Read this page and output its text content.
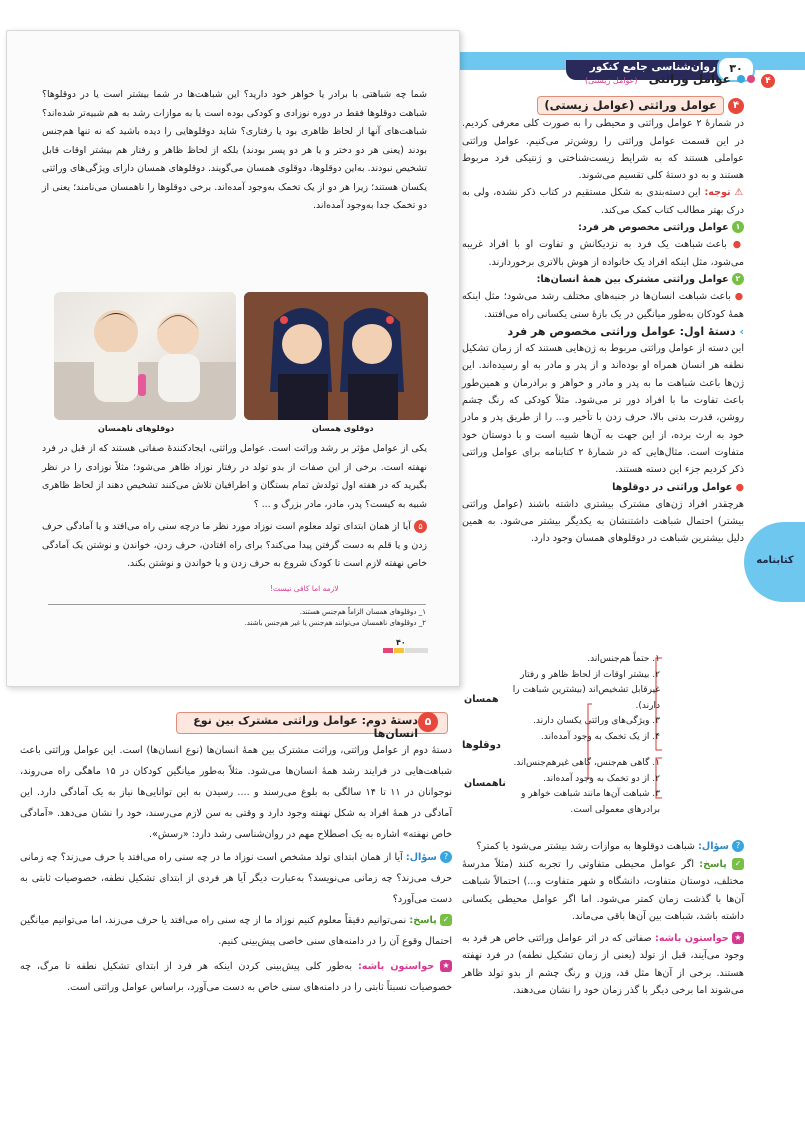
روان‌شناسی جامع کنکور	۳۰
۴  عوامل وراثتی (عوامل زیستی)
شما چه شباهتی با برادر یا خواهر خود دارید؟ این شباهت‌ها در شما بیشتر است یا در دوقلوها؟ شباهت دوقلوها فقط در دوره نوزادی و کودکی بوده است یا به موازات رشد به هم شبیه‌تر شده‌اند؟ شباهت‌های آنها از لحاظ ظاهری بود یا رفتاری؟ شاید دوقلوهایی را دیده باشید که نه تنها هم‌جنس بودند (یعنی هر دو دختر و یا هر دو پسر بودند) بلکه از لحاظ ظاهر و رفتار هم بیشتر اوقات قابل تشخیص نبودند. به‌این دوقلوها، دوقلوی همسان می‌گویند. دوقلوهای همسان دارای ویژگی‌های وراثتی یکسان هستند؛ زیرا هر دو از یک تخمک به‌وجود آمده‌اند. برخی دوقلوها را ناهمسان می‌نامند؛ یعنی از دو تخمک جدا به‌وجود آمده‌اند.
دوقلوهای ناهمسان	دوقلوی همسان
یکی از عوامل مؤثر بر رشد وراثت است. عوامل وراثتی، ایجادکنندهٔ صفاتی هستند که از قبل در فرد نهفته است. برخی از این صفات از بدو تولد در رفتار نوزاد ظاهر می‌شود؛ مثلاً نوزادی را در نظر بگیرید که در هفته اول تولدش تمام بستگان و اطرافیان تلاش می‌کنند تشخیص دهند از لحاظ ظاهری شبیه به کیست؟ پدر، مادر، مادر بزرگ و ... ؟
۵ آیا از همان ابتدای تولد معلوم است نوزاد مورد نظر ما درچه سنی راه می‌افتد و یا آمادگی حرف زدن و یا قلم به دست گرفتن پیدا می‌کند؟ برای راه افتادن، حرف زدن، خواندن و نوشتن یک آمادگی خاص نهفته لازم است تا کودک شروع به حرف زدن و یا خواندن و نوشتن بکند.
لازمه اما کافی نیست!
۱_ دوقلوهای همسان الزاماً هم‌جنس هستند.
۲_ دوقلوهای ناهمسان می‌توانند هم‌جنس یا غیر هم‌جنس باشند.
۴۰
۴
عوامل وراثتی (عوامل زیستی)
در شمارهٔ ۲ عوامل وراثتی و محیطی را به صورت کلی معرفی کردیم. در این قسمت عوامل وراثتی را روشن‌تر می‌کنیم. عوامل وراثتی عواملی هستند که به شرایط زیست‌شناختی و ژنتیکی فرد مربوط هستند و به دو دستهٔ کلی تقسیم می‌شوند.
⚠ توجه: این دسته‌بندی به شکل مستقیم در کتاب ذکر نشده، ولی به درک بهتر مطالب کتاب کمک می‌کند.
۱ عوامل وراثتی مخصوص هر فرد:
● باعث شباهت یک فرد به نزدیکانش و تفاوت او با افراد غریبه می‌شود، مثل اینکه افراد یک خانواده از هوش بالاتری برخوردارند.
۲ عوامل وراثتی مشترک بین همهٔ انسان‌ها:
● باعث شباهت انسان‌ها در جنبه‌های مختلف رشد می‌شود؛ مثل اینکه همهٔ کودکان به‌طور میانگین در یک بازهٔ سنی یکسانی راه می‌افتند.
› دستهٔ اول: عوامل وراثتی مخصوص هر فرد
این دسته از عوامل وراثتی مربوط به ژن‌هایی هستند که از زمان تشکیل نطفه هر انسان همراه او بوده‌اند و از پدر و مادر به او رسیده‌اند. این ژن‌ها باعث شباهت ما به پدر و مادر و خواهر و برادرمان و همین‌طور باعث تفاوت ما با افراد دور تر می‌شود. مثلاً کودکی که رنگ چشم روشن، قدرت بدنی بالا، حرف زدن با تأخیر و... را از طریق پدر و مادر خود به ارث برده، از این جهت به آن‌ها شبیه است و با دوستان خود متفاوت است. مثال‌هایی که در شمارهٔ ۲ کتابنامه برای عوامل وراثتی ذکر کردیم جزء این دسته هستند.
● عوامل وراثتی در دوقلوها
هرچقدر افراد ژن‌های مشترک بیشتری داشته باشند (عوامل وراثتی بیشتر) احتمال شباهت داشتنشان به یکدیگر بیشتر می‌شود. به همین دلیل بیشترین شباهت در دوقلوهای همسان وجود دارد.
۱. حتماً هم‌جنس‌اند.
۲. بیشتر اوقات از لحاظ ظاهر و رفتار غیرقابل تشخیص‌اند (بیشترین شباهت را دارند).
۳. ویژگی‌های وراثتی یکسان دارند.
۴. از یک تخمک به وجود آمده‌اند.
۱. گاهی هم‌جنس، گاهی غیرهم‌جنس‌اند.
۲. از دو تخمک به وجود آمده‌اند.
۳. شباهت آن‌ها مانند شباهت خواهر و برادرهای معمولی است.
همسان
ناهمسان
دوقلوها
? سؤال: شباهت دوقلوها به موازات رشد بیشتر می‌شود یا کمتر؟
✓ پاسخ: اگر عوامل محیطی متفاوتی را تجربه کنند (مثلاً مدرسهٔ مختلف، دوستان متفاوت، دانشگاه و شهر متفاوت و...) احتمالاً شباهت آن‌ها با گذشت زمان کمتر می‌شود. اما اگر عوامل محیطی یکسانی داشته باشد، شباهت بین آن‌ها باقی می‌ماند.
★ حواستون باشه: صفاتی که در اثر عوامل وراثتی خاص هر فرد به وجود می‌آیند، قبل از تولد (یعنی از زمان تشکیل نطفه) در فرد نهفته هستند. برخی از آن‌ها مثل قد، وزن و رنگ چشم از بدو تولد ظاهر می‌شوند اما برخی دیگر با گذر زمان خود را نشان می‌دهند.
کتابنامه
۵
دستهٔ دوم: عوامل وراثتی مشترک بین نوع انسان‌ها
دستهٔ دوم از عوامل وراثتی، وراثت مشترک بین همهٔ انسان‌ها (نوع انسان‌ها) است. این عوامل وراثتی باعث شباهت‌هایی در فرایند رشد همهٔ انسان‌ها می‌شود. مثلاً به‌طور میانگین کودکان در ۱۵ ماهگی راه می‌روند، نوجوانان در ۱۱ تا ۱۴ سالگی به بلوغ می‌رسند و .... رسیدن به این توانایی‌ها نیاز به یک آمادگی دارد. این آمادگی در همهٔ افراد به شکل نهفته وجود دارد و وقتی به سن لازم می‌رسند، خود را نشان می‌دهد. «آمادگی خاص نهفته» اشاره به یک اصطلاح مهم در روان‌شناسی رشد دارد: «رسش».
? سؤال: آیا از همان ابتدای تولد مشخص است نوزاد ما در چه سنی راه می‌افتد یا حرف می‌زند؟ چه زمانی حرف می‌زند؟ چه زمانی می‌نویسد؟ به‌عبارت دیگر آیا هر فردی از ابتدای تشکیل نطفه، خصوصیات ثابتی به دست می‌آورد؟
✓ پاسخ: نمی‌توانیم دقیقاً معلوم کنیم نوزاد ما از چه سنی راه می‌افتد یا حرف می‌زند، اما می‌توانیم میانگین احتمال وقوع آن را در دامنه‌های سنی خاصی پیش‌بینی کنیم.
★ حواستون باشه: به‌طور کلی پیش‌بینی کردن اینکه هر فرد از ابتدای تشکیل نطفه تا مرگ، چه خصوصیات نسبتاً ثابتی را در دامنه‌های سنی خاص به دست می‌آورد، براساس عوامل وراثتی است.
